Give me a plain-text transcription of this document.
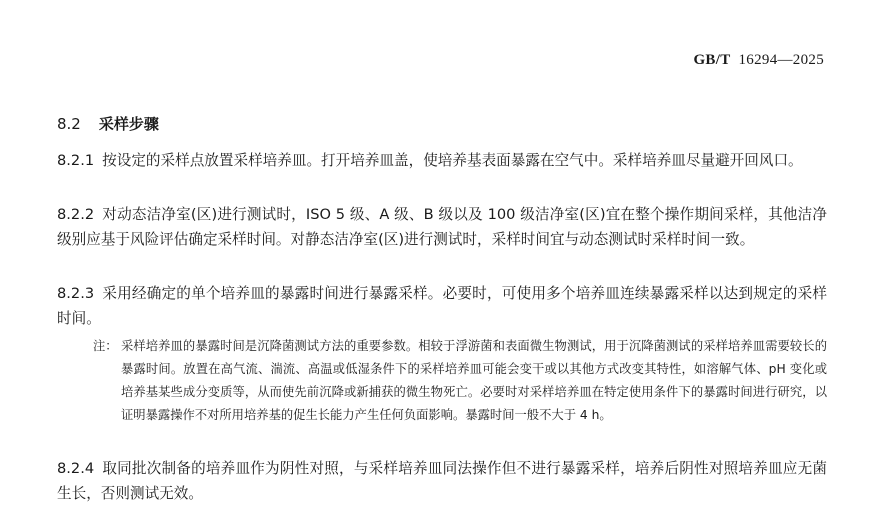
GB/T 16294—2025
8.2 采样步骤
8.2.1 按设定的采样点放置采样培养皿。打开培养皿盖，使培养基表面暴露在空气中。采样培养皿尽量避开回风口。
8.2.2 对动态洁净室(区)进行测试时，ISO 5 级、A 级、B 级以及 100 级洁净室(区)宜在整个操作期间采样，其他洁净级别应基于风险评估确定采样时间。对静态洁净室(区)进行测试时，采样时间宜与动态测试时采样时间一致。
8.2.3 采用经确定的单个培养皿的暴露时间进行暴露采样。必要时，可使用多个培养皿连续暴露采样以达到规定的采样时间。
注： 采样培养皿的暴露时间是沉降菌测试方法的重要参数。相较于浮游菌和表面微生物测试，用于沉降菌测试的采样培养皿需要较长的暴露时间。放置在高气流、湍流、高温或低湿条件下的采样培养皿可能会变干或以其他方式改变其特性，如溶解气体、pH 变化或培养基某些成分变质等，从而使先前沉降或新捕获的微生物死亡。必要时对采样培养皿在特定使用条件下的暴露时间进行研究，以证明暴露操作不对所用培养基的促生长能力产生任何负面影响。暴露时间一般不大于 4 h。
8.2.4 取同批次制备的培养皿作为阴性对照，与采样培养皿同法操作但不进行暴露采样，培养后阴性对照培养皿应无菌生长，否则测试无效。
